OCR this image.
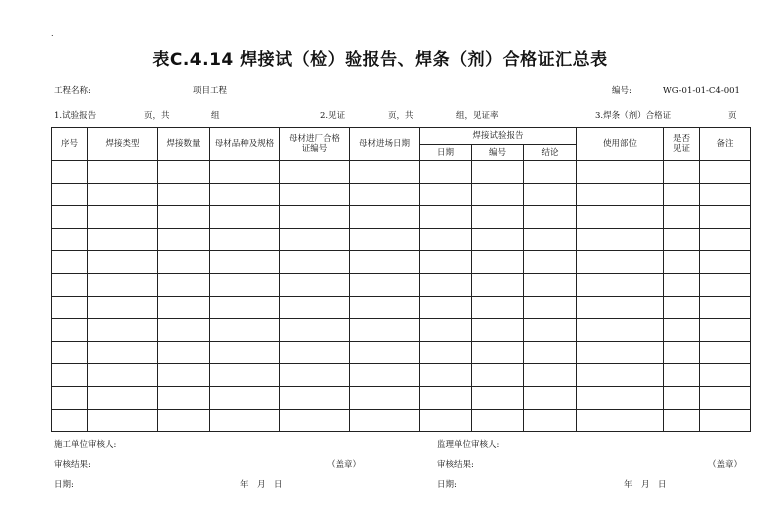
.
表C.4.14 焊接试（检）验报告、焊条（剂）合格证汇总表
工程名称:	项目工程	编号:	WG-01-01-C4-001
1.试验报告	页，共	组	2.见证	页，共	组，见证率	3.焊条（剂）合格证	页
序号	焊接类型	焊接数量	母材品种及规格	母材进厂合格证编号	母材进场日期	焊接试验报告			使用部位	是否见证	备注
						日期	编号	结论			

施工单位审核人:
审核结果:	（盖章）
日期:	年　月　日
监理单位审核人:
审核结果:	（盖章）
日期:	年　月　日
